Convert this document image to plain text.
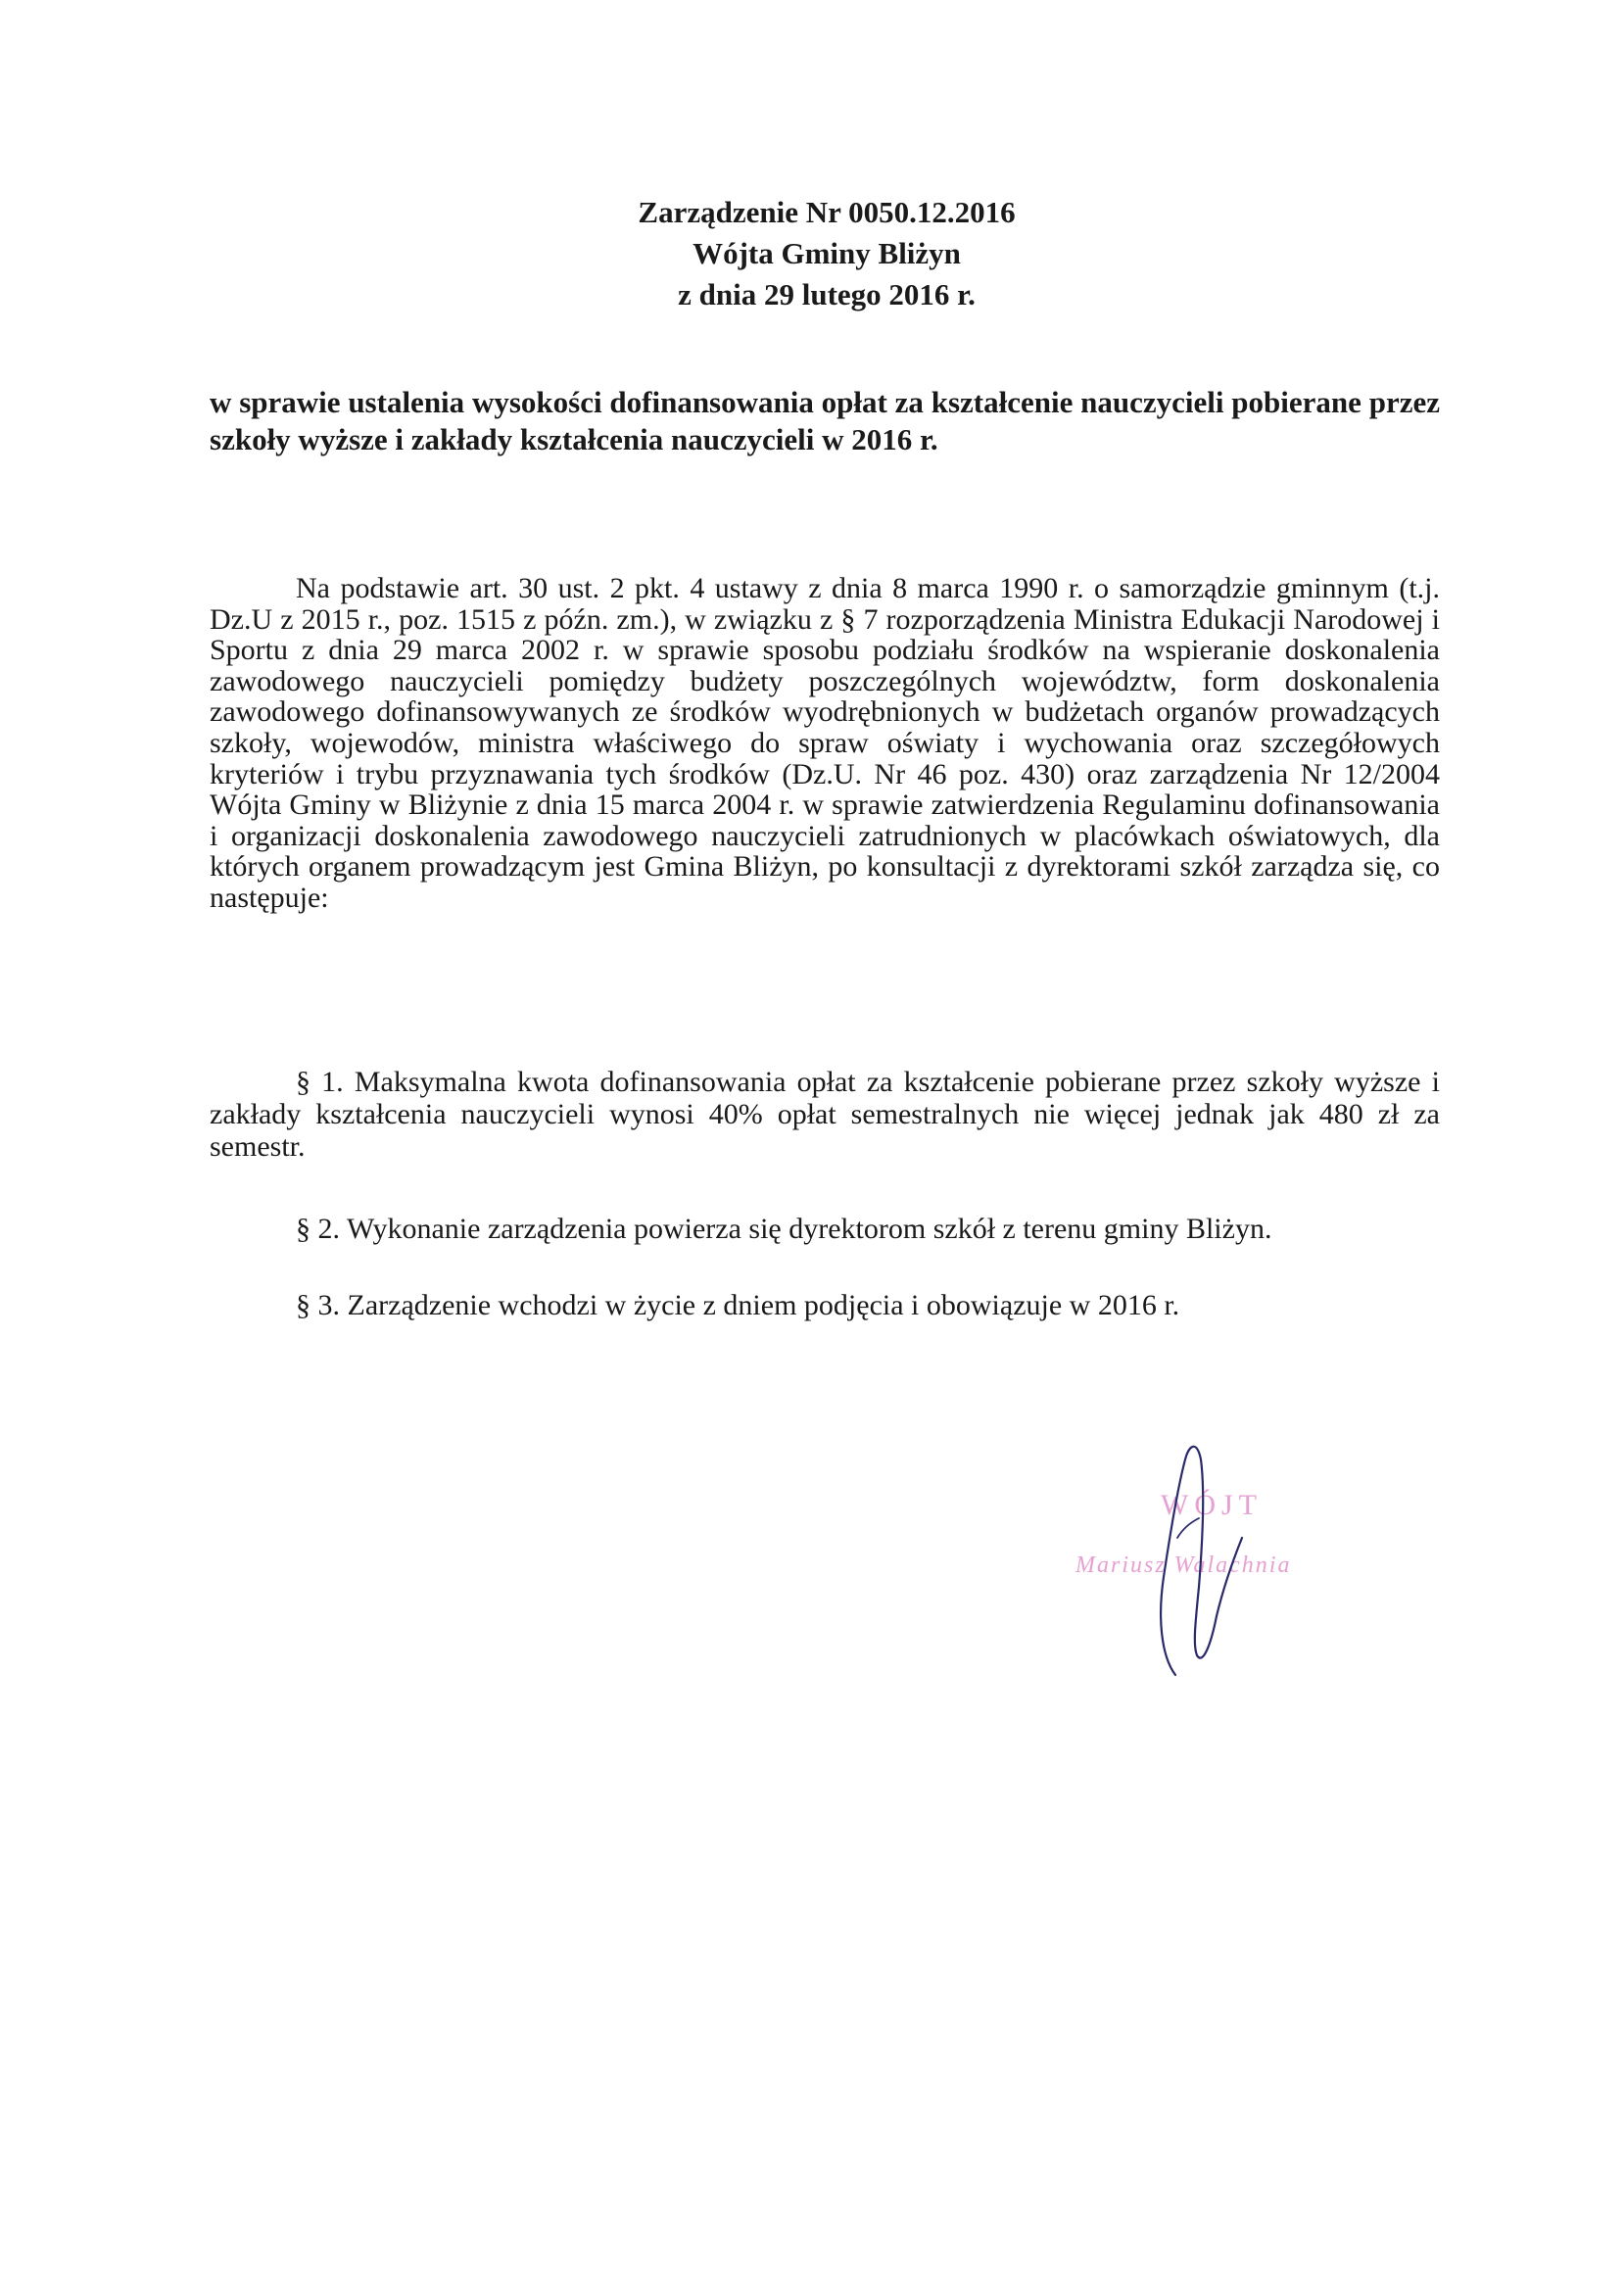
Zarządzenie Nr 0050.12.2016
Wójta Gminy Bliżyn
z dnia 29 lutego 2016 r.
w sprawie ustalenia wysokości dofinansowania opłat za kształcenie nauczycieli pobierane przez szkoły wyższe i zakłady kształcenia nauczycieli w 2016 r.

Na podstawie art. 30 ust. 2 pkt. 4 ustawy z dnia 8 marca 1990 r. o samorządzie gminnym (t.j. Dz.U z 2015 r., poz. 1515 z późn. zm.), w związku z § 7 rozporządzenia Ministra Edukacji Narodowej i Sportu z dnia 29 marca 2002 r. w sprawie sposobu podziału środków na wspieranie doskonalenia zawodowego nauczycieli pomiędzy budżety poszczególnych województw, form doskonalenia zawodowego dofinansowywanych ze środków wyodrębnionych w budżetach organów prowadzących szkoły, wojewodów, ministra właściwego do spraw oświaty i wychowania oraz szczegółowych kryteriów i trybu przyznawania tych środków (Dz.U. Nr 46 poz. 430) oraz zarządzenia Nr 12/2004 Wójta Gminy w Bliżynie z dnia 15 marca 2004 r. w sprawie zatwierdzenia Regulaminu dofinansowania i organizacji doskonalenia zawodowego nauczycieli zatrudnionych w placówkach oświatowych, dla których organem prowadzącym jest Gmina Bliżyn, po konsultacji z dyrektorami szkół zarządza się, co następuje:

§ 1. Maksymalna kwota dofinansowania opłat za kształcenie pobierane przez szkoły wyższe i zakłady kształcenia nauczycieli wynosi 40% opłat semestralnych nie więcej jednak jak 480 zł za semestr.

§ 2. Wykonanie zarządzenia powierza się dyrektorom szkół z terenu gminy Bliżyn.

§ 3. Zarządzenie wchodzi w życie z dniem podjęcia i obowiązuje w 2016 r.

WÓJT
Mariusz Walachnia
